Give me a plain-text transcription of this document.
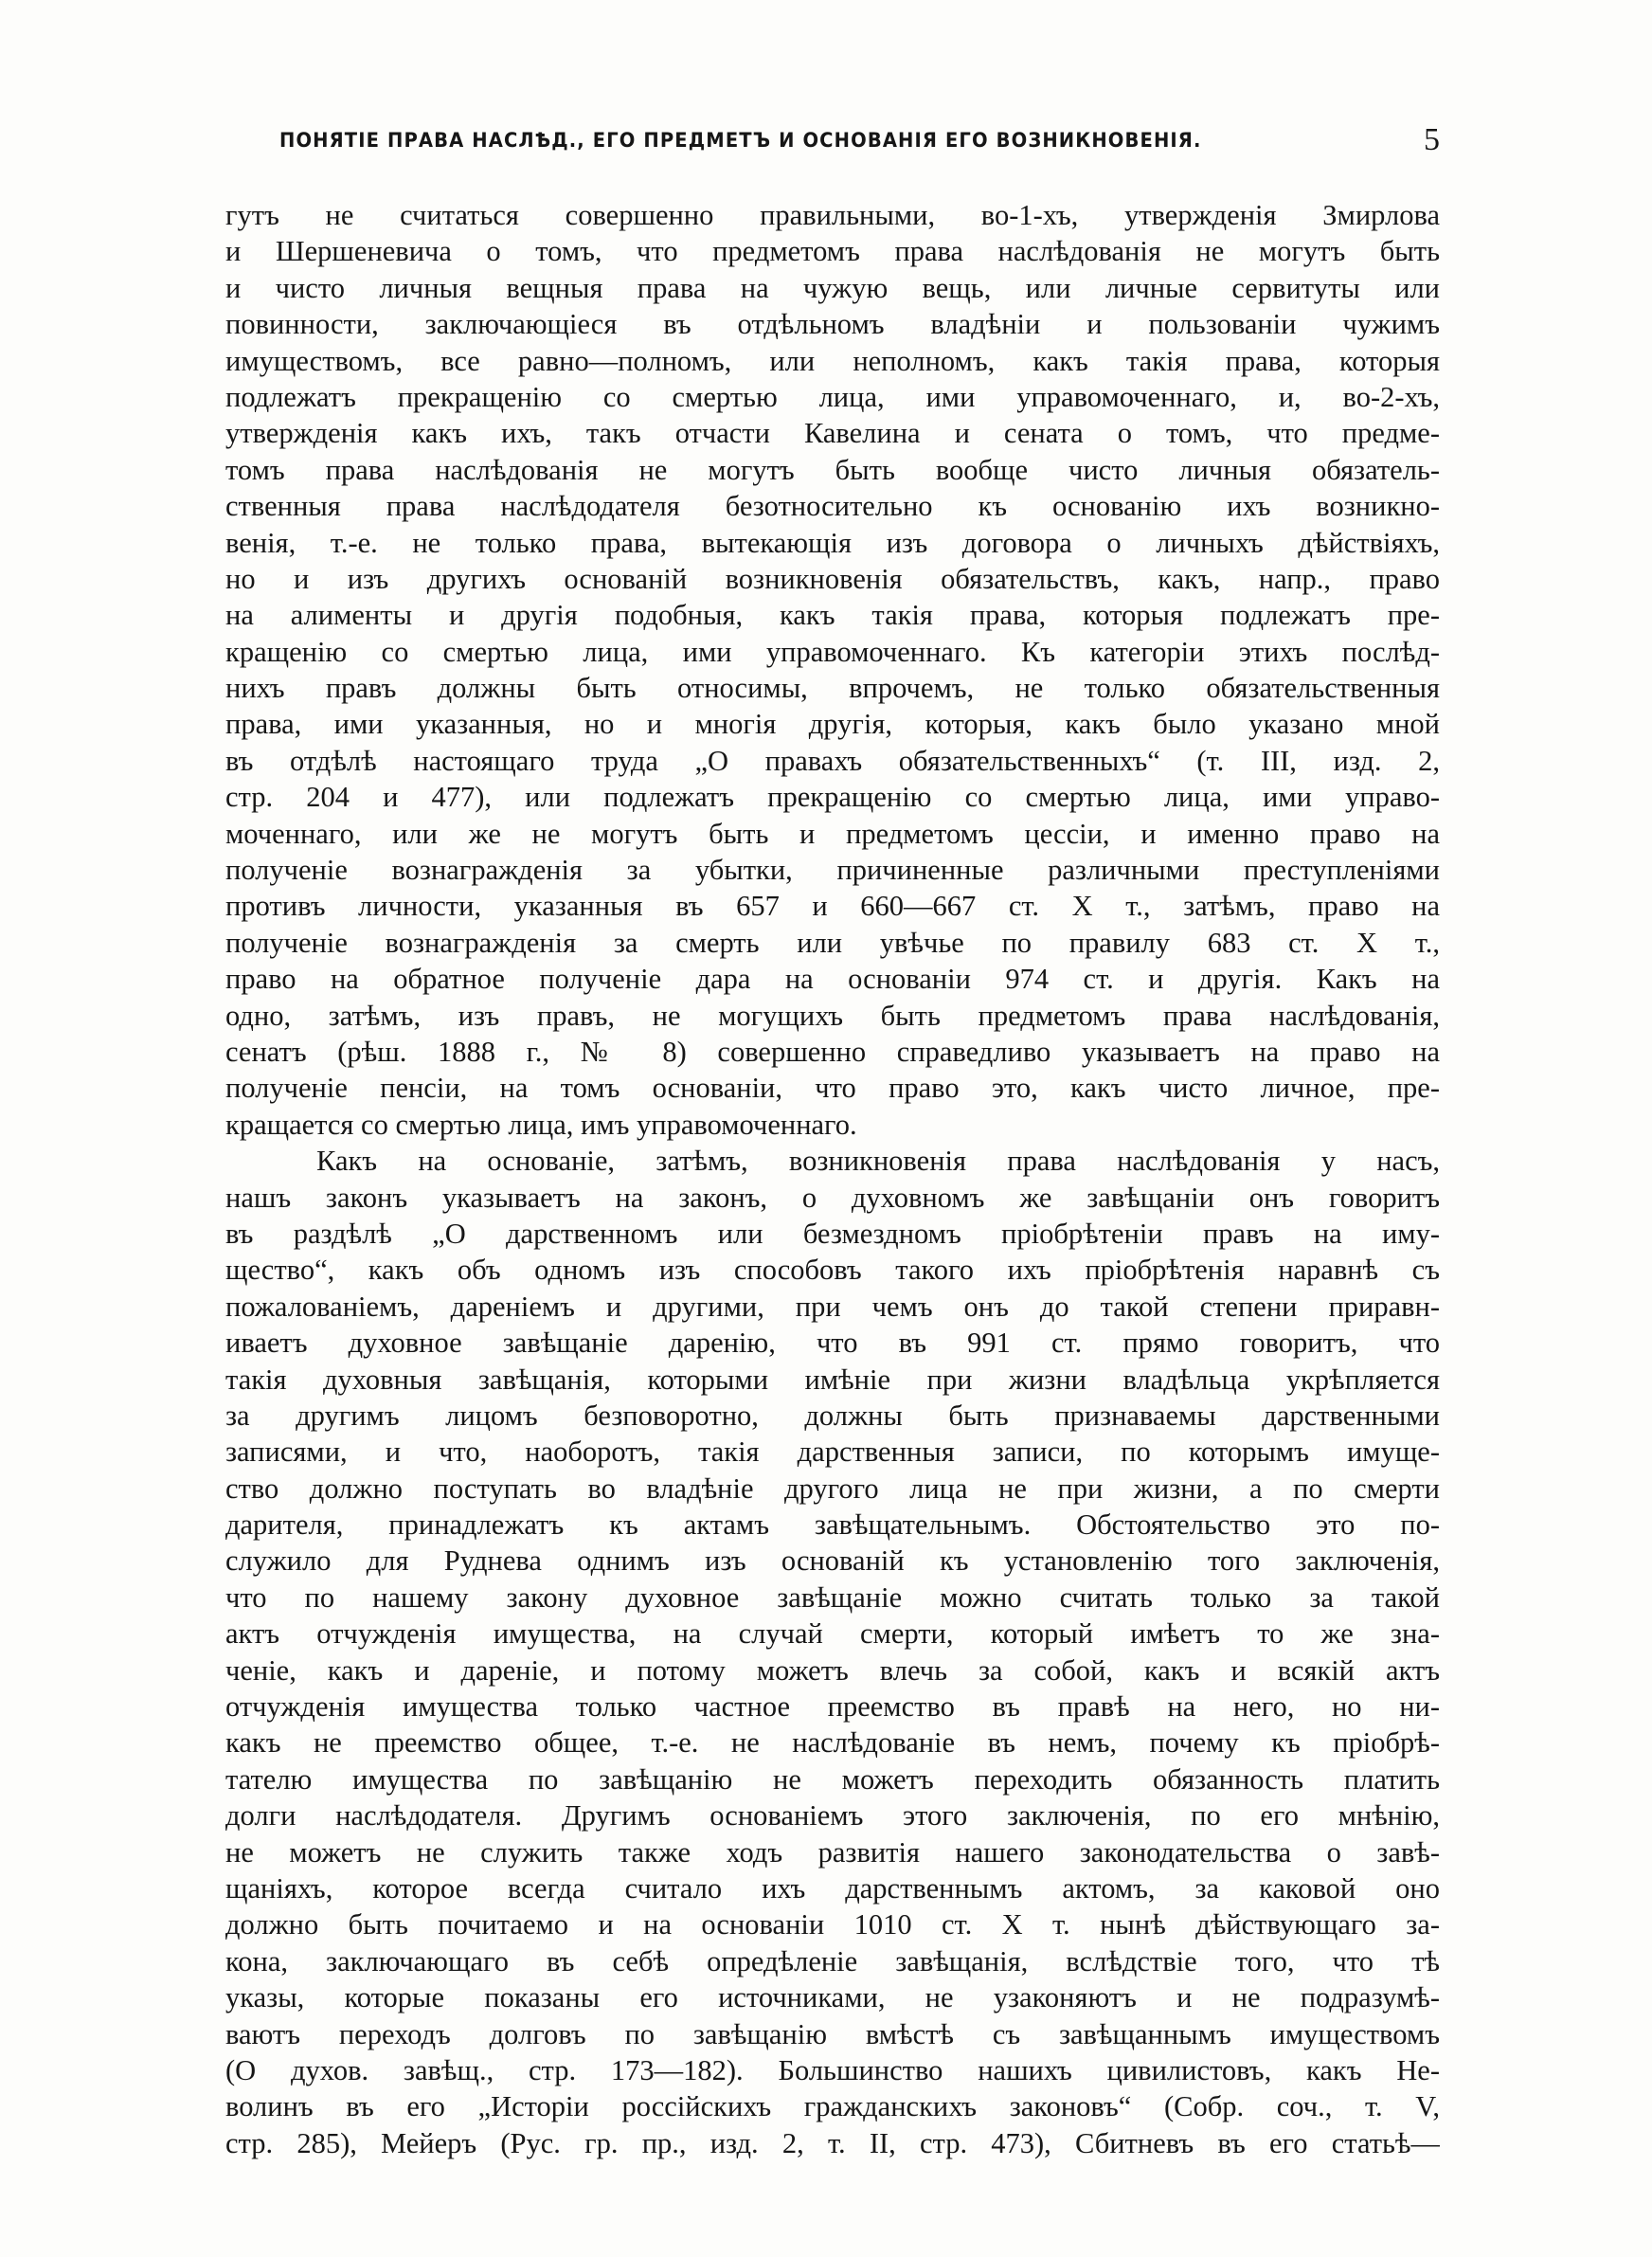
ПОНЯТІЕ ПРАВА НАСЛѢД., ЕГО ПРЕДМЕТЪ И ОСНОВАНІЯ ЕГО ВОЗНИКНОВЕНІЯ.	5
гутъ не считаться совершенно правильными, во-1-хъ, утвержденія Змирлова
и Шершеневича о томъ, что предметомъ права наслѣдованія не могутъ быть
и чисто личныя вещныя права на чужую вещь, или личные сервитуты или
повинности, заключающіеся въ отдѣльномъ владѣніи и пользованіи чужимъ
имуществомъ, все равно—полномъ, или неполномъ, какъ такія права, которыя
подлежатъ прекращенію со смертью лица, ими управомоченнаго, и, во-2-хъ,
утвержденія какъ ихъ, такъ отчасти Кавелина и сената о томъ, что предме-
томъ права наслѣдованія не могутъ быть вообще чисто личныя обязатель-
ственныя права наслѣдодателя безотносительно къ основанію ихъ возникно-
венія, т.-е. не только права, вытекающія изъ договора о личныхъ дѣйствіяхъ,
но и изъ другихъ основаній возникновенія обязательствъ, какъ, напр., право
на алименты и другія подобныя, какъ такія права, которыя подлежатъ пре-
кращенію со смертью лица, ими управомоченнаго. Къ категоріи этихъ послѣд-
нихъ правъ должны быть относимы, впрочемъ, не только обязательственныя
права, ими указанныя, но и многія другія, которыя, какъ было указано мной
въ отдѣлѣ настоящаго труда „О правахъ обязательственныхъ“ (т. III, изд. 2,
стр. 204 и 477), или подлежатъ прекращенію со смертью лица, ими управо-
моченнаго, или же не могутъ быть и предметомъ цессіи, и именно право на
полученіе вознагражденія за убытки, причиненные различными преступленіями
противъ личности, указанныя въ 657 и 660—667 ст. X т., затѣмъ, право на
полученіе вознагражденія за смерть или увѣчье по правилу 683 ст. X т.,
право на обратное полученіе дара на основаніи 974 ст. и другія. Какъ на
одно, затѣмъ, изъ правъ, не могущихъ быть предметомъ права наслѣдованія,
сенатъ (рѣш. 1888 г., № 8) совершенно справедливо указываетъ на право на
полученіе пенсіи, на томъ основаніи, что право это, какъ чисто личное, пре-
кращается со смертью лица, имъ управомоченнаго.
Какъ на основаніе, затѣмъ, возникновенія права наслѣдованія у насъ,
нашъ законъ указываетъ на законъ, о духовномъ же завѣщаніи онъ говоритъ
въ раздѣлѣ „О дарственномъ или безмездномъ пріобрѣтеніи правъ на иму-
щество“, какъ объ одномъ изъ способовъ такого ихъ пріобрѣтенія наравнѣ съ
пожалованіемъ, дареніемъ и другими, при чемъ онъ до такой степени приравн-
иваетъ духовное завѣщаніе даренію, что въ 991 ст. прямо говоритъ, что
такія духовныя завѣщанія, которыми имѣніе при жизни владѣльца укрѣпляется
за другимъ лицомъ безповоротно, должны быть признаваемы дарственными
записями, и что, наоборотъ, такія дарственныя записи, по которымъ имуще-
ство должно поступать во владѣніе другого лица не при жизни, а по смерти
дарителя, принадлежатъ къ актамъ завѣщательнымъ. Обстоятельство это по-
служило для Руднева однимъ изъ основаній къ установленію того заключенія,
что по нашему закону духовное завѣщаніе можно считать только за такой
актъ отчужденія имущества, на случай смерти, который имѣетъ то же зна-
ченіе, какъ и дареніе, и потому можетъ влечь за собой, какъ и всякій актъ
отчужденія имущества только частное преемство въ правѣ на него, но ни-
какъ не преемство общее, т.-е. не наслѣдованіе въ немъ, почему къ пріобрѣ-
тателю имущества по завѣщанію не можетъ переходить обязанность платить
долги наслѣдодателя. Другимъ основаніемъ этого заключенія, по его мнѣнію,
не можетъ не служить также ходъ развитія нашего законодательства о завѣ-
щаніяхъ, которое всегда считало ихъ дарственнымъ актомъ, за каковой оно
должно быть почитаемо и на основаніи 1010 ст. X т. нынѣ дѣйствующаго за-
кона, заключающаго въ себѣ опредѣленіе завѣщанія, вслѣдствіе того, что тѣ
указы, которые показаны его источниками, не узаконяютъ и не подразумѣ-
ваютъ переходъ долговъ по завѣщанію вмѣстѣ съ завѣщаннымъ имуществомъ
(О духов. завѣщ., стр. 173—182). Большинство нашихъ цивилистовъ, какъ Не-
волинъ въ его „Исторіи россійскихъ гражданскихъ законовъ“ (Собр. соч., т. V,
стр. 285), Мейеръ (Рус. гр. пр., изд. 2, т. II, стр. 473), Сбитневъ въ его статьѣ—
